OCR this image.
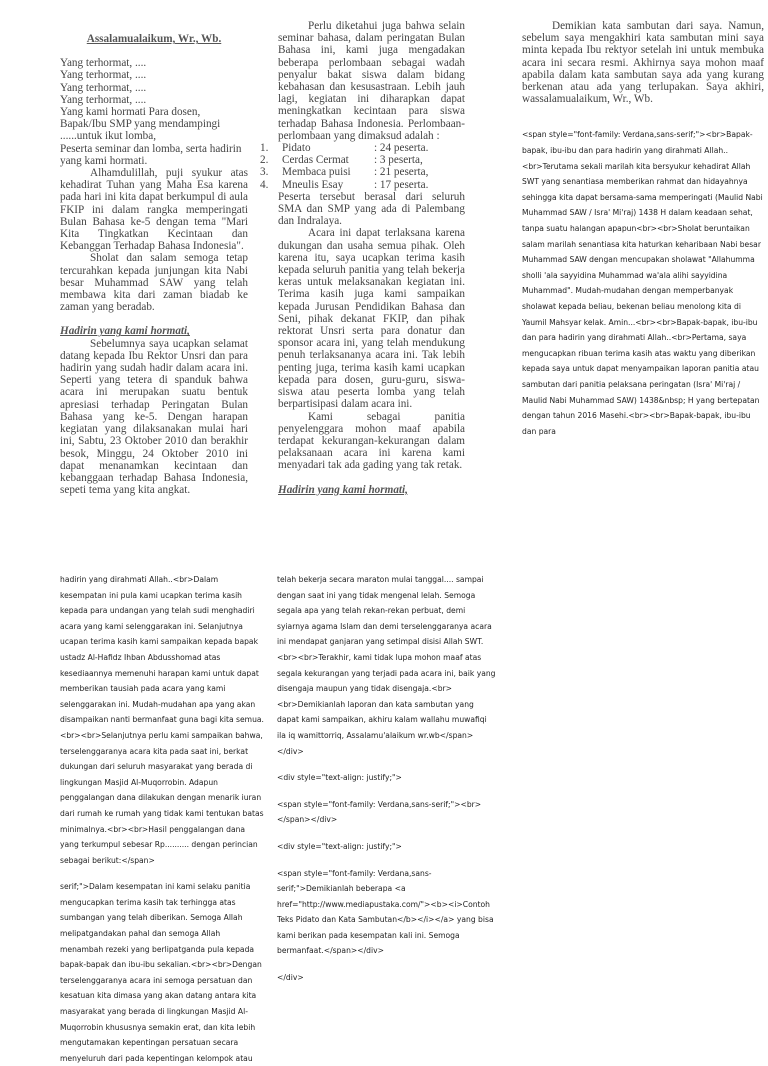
Assalamualaikum, Wr., Wb.

Yang terhormat, ....

Yang terhormat, ....

Yang terhormat, ....

Yang terhormat, ....

Yang kami hormati Para dosen, Bapak/Ibu SMP yang mendampingi ......untuk ikut lomba,

Peserta seminar dan lomba, serta hadirin yang kami hormati.

Alhamdulillah, puji syukur atas kehadirat Tuhan yang Maha Esa karena pada hari ini kita dapat berkumpul di aula FKIP ini dalam rangka memperingati Bulan Bahasa ke-5 dengan tema "Mari Kita Tingkatkan Kecintaan dan Kebanggan Terhadap Bahasa Indonesia".

Sholat dan salam semoga tetap tercurahkan kepada junjungan kita Nabi besar Muhammad SAW yang telah membawa kita dari zaman biadab ke zaman yang beradab.

Hadirin yang kami hormati,

Sebelumnya saya ucapkan selamat datang kepada Ibu Rektor Unsri dan para hadirin yang sudah hadir dalam acara ini. Seperti yang tetera di spanduk bahwa acara ini merupakan suatu bentuk apresiasi terhadap Peringatan Bulan Bahasa yang ke-5. Dengan harapan kegiatan yang dilaksanakan mulai hari ini, Sabtu, 23 Oktober 2010 dan berakhir besok, Minggu, 24 Oktober 2010 ini dapat menanamkan kecintaan dan kebanggaan terhadap Bahasa Indonesia, sepeti tema yang kita angkat.

Perlu diketahui juga bahwa selain seminar bahasa, dalam peringatan Bulan Bahasa ini, kami juga mengadakan beberapa perlombaan sebagai wadah penyalur bakat siswa dalam bidang kebahasan dan kesusastraan. Lebih jauh lagi, kegiatan ini diharapkan dapat meningkatkan kecintaan para siswa terhadap Bahasa Indonesia. Perlombaan-perlombaan yang dimaksud adalah :

1.	Pidato	: 24 peserta.
2.	Cerdas Cermat	: 3 peserta,
3.	Membaca puisi	: 21 peserta,
4.	Mneulis Esay	: 17 peserta.

Peserta tersebut berasal dari seluruh SMA dan SMP yang ada di Palembang dan Indralaya.

Acara ini dapat terlaksana karena dukungan dan usaha semua pihak. Oleh karena itu, saya ucapkan terima kasih kepada seluruh panitia yang telah bekerja keras untuk melaksanakan kegiatan ini. Terima kasih juga kami sampaikan kepada Jurusan Pendidikan Bahasa dan Seni, pihak dekanat FKIP, dan pihak rektorat Unsri serta para donatur dan sponsor acara ini, yang telah mendukung penuh terlaksananya acara ini. Tak lebih penting juga, terima kasih kami ucapkan kepada para dosen, guru-guru, siswa-siswa atau peserta lomba yang telah berpartisipasi dalam acara ini.

Kami sebagai panitia penyelenggara mohon maaf apabila terdapat kekurangan-kekurangan dalam pelaksanaan acara ini karena kami menyadari tak ada gading yang tak retak.

Hadirin yang kami hormati,

Demikian kata sambutan dari saya. Namun, sebelum saya mengakhiri kata sambutan mini saya minta kepada Ibu rektyor setelah ini untuk membuka acara ini secara resmi. Akhirnya saya mohon maaf apabila dalam kata sambutan saya ada yang kurang berkenan atau ada yang terlupakan. Saya akhiri, wassalamualaikum, Wr., Wb.

<span style="font-family: Verdana,sans-serif;"><br>Bapak-bapak, ibu-ibu dan para hadirin yang dirahmati Allah..<br>Terutama sekali marilah kita bersyukur kehadirat Allah SWT yang senantiasa memberikan rahmat dan hidayahnya sehingga kita dapat bersama-sama memperingati (Maulid Nabi Muhammad SAW / Isra' Mi'raj) 1438 H dalam keadaan sehat, tanpa suatu halangan apapun<br><br>Sholat beruntaikan salam marilah senantiasa kita haturkan keharibaan Nabi besar Muhammad SAW dengan mencupakan sholawat "Allahumma sholli 'ala sayyidina Muhammad wa'ala alihi sayyidina Muhammad". Mudah-mudahan dengan memperbanyak sholawat kepada beliau, bekenan beliau menolong kita di Yaumil Mahsyar kelak. Amin...<br><br>Bapak-bapak, ibu-ibu dan para hadirin yang dirahmati Allah..<br>Pertama, saya mengucapkan ribuan terima kasih atas waktu yang diberikan kepada saya untuk dapat menyampaikan laporan panitia atau sambutan dari panitia pelaksana peringatan (Isra' Mi'raj / Maulid Nabi Muhammad SAW) 1438&nbsp; H yang bertepatan dengan tahun 2016 Masehi.<br><br>Bapak-bapak, ibu-ibu dan para

hadirin yang dirahmati Allah..<br>Dalam kesempatan ini pula kami ucapkan terima kasih kepada para undangan yang telah sudi menghadiri acara yang kami selenggarakan ini. Selanjutnya ucapan terima kasih kami sampaikan kepada bapak ustadz Al-Hafidz Ihban Abdusshomad atas kesediaannya memenuhi harapan kami untuk dapat memberikan tausiah pada acara yang kami selenggarakan ini. Mudah-mudahan apa yang akan disampaikan nanti bermanfaat guna bagi kita semua.<br><br>Selanjutnya perlu kami sampaikan bahwa, terselenggaranya acara kita pada saat ini, berkat dukungan dari seluruh masyarakat yang berada di lingkungan Masjid Al-Muqorrobin. Adapun penggalangan dana dilakukan dengan menarik iuran dari rumah ke rumah yang tidak kami tentukan batas minimalnya.<br><br>Hasil penggalangan dana yang terkumpul sebesar Rp.......... dengan perincian sebagai berikut:</span>

serif;">Dalam kesempatan ini kami selaku panitia mengucapkan terima kasih tak terhingga atas sumbangan yang telah diberikan. Semoga Allah melipatgandakan pahal dan semoga Allah menambah rezeki yang berlipatganda pula kepada bapak-bapak dan ibu-ibu sekalian.<br><br>Dengan terselenggaranya acara ini semoga persatuan dan kesatuan kita dimasa yang akan datang antara kita masyarakat yang berada di lingkungan Masjid Al-Muqorrobin khususnya semakin erat, dan kita lebih mengutamakan kepentingan persatuan secara menyeluruh dari pada kepentingan kelompok atau

telah bekerja secara maraton mulai tanggal.... sampai dengan saat ini yang tidak mengenal lelah. Semoga segala apa yang telah rekan-rekan perbuat, demi syiarnya agama Islam dan demi terselenggaranya acara ini mendapat ganjaran yang setimpal disisi Allah SWT.<br><br>Terakhir, kami tidak lupa mohon maaf atas segala kekurangan yang terjadi pada acara ini, baik yang disengaja maupun yang tidak disengaja.<br><br>Demikianlah laporan dan kata sambutan yang dapat kami sampaikan, akhiru kalam wallahu muwafiqi ila iq wamittorriq, Assalamu'alaikum wr.wb</span></div>

<div style="text-align: justify;">

<span style="font-family: Verdana,sans-serif;"><br></span></div>

<div style="text-align: justify;">

<span style="font-family: Verdana,sans-serif;">Demikianlah beberapa <a href="http://www.mediapustaka.com/"><b><i>Contoh Teks Pidato dan Kata Sambutan</b></i></a> yang bisa kami berikan pada kesempatan kali ini. Semoga bermanfaat.</span></div>

</div>
